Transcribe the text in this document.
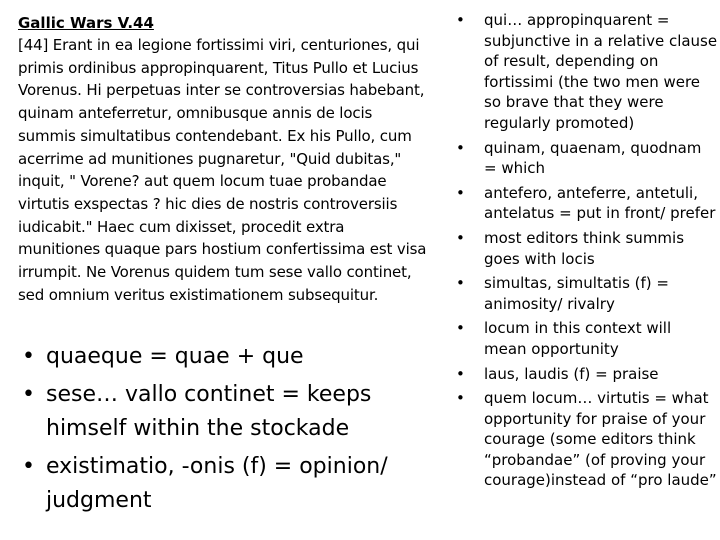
Gallic Wars V.44
[44] Erant in ea legione fortissimi viri, centuriones, qui
primis ordinibus appropinquarent, Titus Pullo et Lucius
Vorenus. Hi perpetuas inter se controversias habebant,
quinam anteferretur, omnibusque annis de locis
summis simultatibus contendebant. Ex his Pullo, cum
acerrime ad munitiones pugnaretur, "Quid dubitas,"
inquit, " Vorene? aut quem locum tuae probandae
virtutis exspectas ? hic dies de nostris controversiis
iudicabit." Haec cum dixisset, procedit extra
munitiones quaque pars hostium confertissima est visa
irrumpit. Ne Vorenus quidem tum sese vallo continet,
sed omnium veritus existimationem subsequitur.
• quaeque = quae + que
• sese… vallo continet = keeps himself within the stockade
• existimatio, -onis (f) = opinion/ judgment
• qui… appropinquarent = subjunctive in a relative clause of result, depending on fortissimi (the two men were so brave that they were regularly promoted)
• quinam, quaenam, quodnam = which
• antefero, anteferre, antetuli, antelatus = put in front/ prefer
• most editors think summis goes with locis
• simultas, simultatis (f) = animosity/ rivalry
• locum in this context will mean opportunity
• laus, laudis (f) = praise
• quem locum… virtutis = what opportunity for praise of your courage (some editors think “probandae” (of proving your courage)instead of “pro laude”
